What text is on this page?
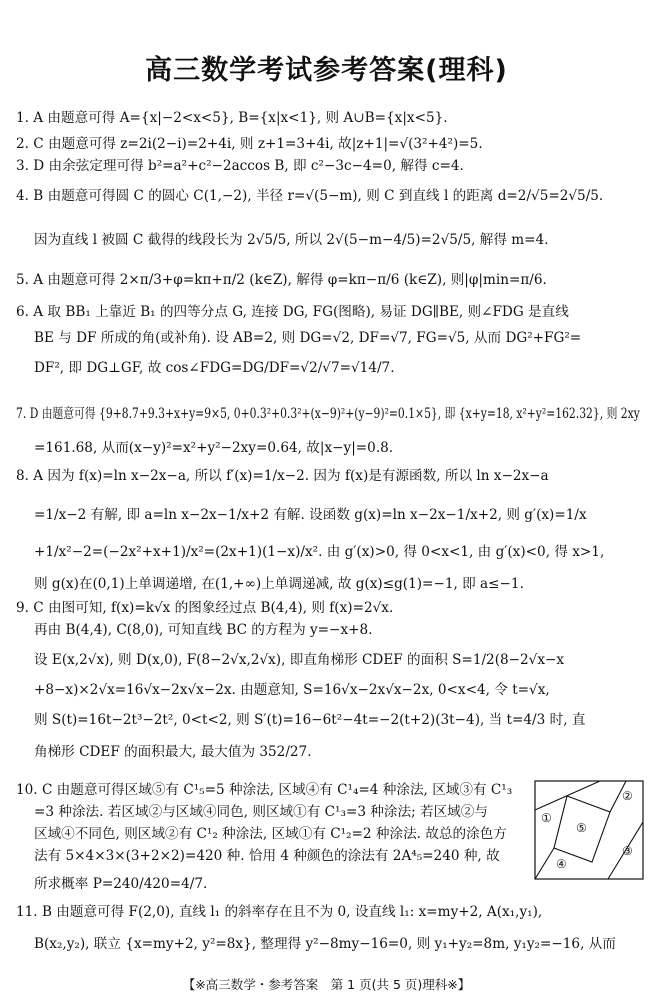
高三数学考试参考答案(理科)
1. A 由题意可得 A={x|−2<x<5}, B={x|x<1}, 则 A∪B={x|x<5}.
2. C 由题意可得 z=2i(2−i)=2+4i, 则 z+1=3+4i, 故|z+1|=√(3²+4²)=5.
3. D 由余弦定理可得 b²=a²+c²−2accos B, 即 c²−3c−4=0, 解得 c=4.
4. B 由题意可得圆 C 的圆心 C(1,−2), 半径 r=√(5−m), 则 C 到直线 l 的距离 d=2/√5=2√5/5.
因为直线 l 被圆 C 截得的线段长为 2√5/5, 所以 2√(5−m−4/5)=2√5/5, 解得 m=4.
5. A 由题意可得 2×π/3+φ=kπ+π/2 (k∈Z), 解得 φ=kπ−π/6 (k∈Z), 则|φ|min=π/6.
6. A 取 BB₁ 上靠近 B₁ 的四等分点 G, 连接 DG, FG(图略), 易证 DG∥BE, 则∠FDG 是直线
BE 与 DF 所成的角(或补角). 设 AB=2, 则 DG=√2, DF=√7, FG=√5, 从而 DG²+FG²=
DF², 即 DG⊥GF, 故 cos∠FDG=DG/DF=√2/√7=√14/7.
7. D 由题意可得 {9+8.7+9.3+x+y=9×5, 0+0.3²+0.3²+(x−9)²+(y−9)²=0.1×5}, 即 {x+y=18, x²+y²=162.32}, 则 2xy
=161.68, 从而(x−y)²=x²+y²−2xy=0.64, 故|x−y|=0.8.
8. A 因为 f(x)=ln x−2x−a, 所以 f′(x)=1/x−2. 因为 f(x)是有源函数, 所以 ln x−2x−a
=1/x−2 有解, 即 a=ln x−2x−1/x+2 有解. 设函数 g(x)=ln x−2x−1/x+2, 则 g′(x)=1/x
+1/x²−2=(−2x²+x+1)/x²=(2x+1)(1−x)/x². 由 g′(x)>0, 得 0<x<1, 由 g′(x)<0, 得 x>1,
则 g(x)在(0,1)上单调递增, 在(1,+∞)上单调递减, 故 g(x)≤g(1)=−1, 即 a≤−1.
9. C 由图可知, f(x)=k√x 的图象经过点 B(4,4), 则 f(x)=2√x.
再由 B(4,4), C(8,0), 可知直线 BC 的方程为 y=−x+8.
设 E(x,2√x), 则 D(x,0), F(8−2√x,2√x), 即直角梯形 CDEF 的面积 S=1/2(8−2√x−x
+8−x)×2√x=16√x−2x√x−2x. 由题意知, S=16√x−2x√x−2x, 0<x<4, 令 t=√x,
则 S(t)=16t−2t³−2t², 0<t<2, 则 S′(t)=16−6t²−4t=−2(t+2)(3t−4), 当 t=4/3 时, 直
角梯形 CDEF 的面积最大, 最大值为 352/27.
10. C 由题意可得区域⑤有 C¹₅=5 种涂法, 区域④有 C¹₄=4 种涂法, 区域③有 C¹₃
=3 种涂法. 若区域②与区域④同色, 则区域①有 C¹₃=3 种涂法; 若区域②与
区域④不同色, 则区域②有 C¹₂ 种涂法, 区域①有 C¹₂=2 种涂法. 故总的涂色方
法有 5×4×3×(3+2×2)=420 种. 恰用 4 种颜色的涂法有 2A⁴₅=240 种, 故
所求概率 P=240/420=4/7.
11. B 由题意可得 F(2,0), 直线 l₁ 的斜率存在且不为 0, 设直线 l₁: x=my+2, A(x₁,y₁),
B(x₂,y₂), 联立 {x=my+2, y²=8x}, 整理得 y²−8my−16=0, 则 y₁+y₂=8m, y₁y₂=−16, 从而
①
②
③
④
⑤
【※高三数学・参考答案　第 1 页(共 5 页)理科※】
